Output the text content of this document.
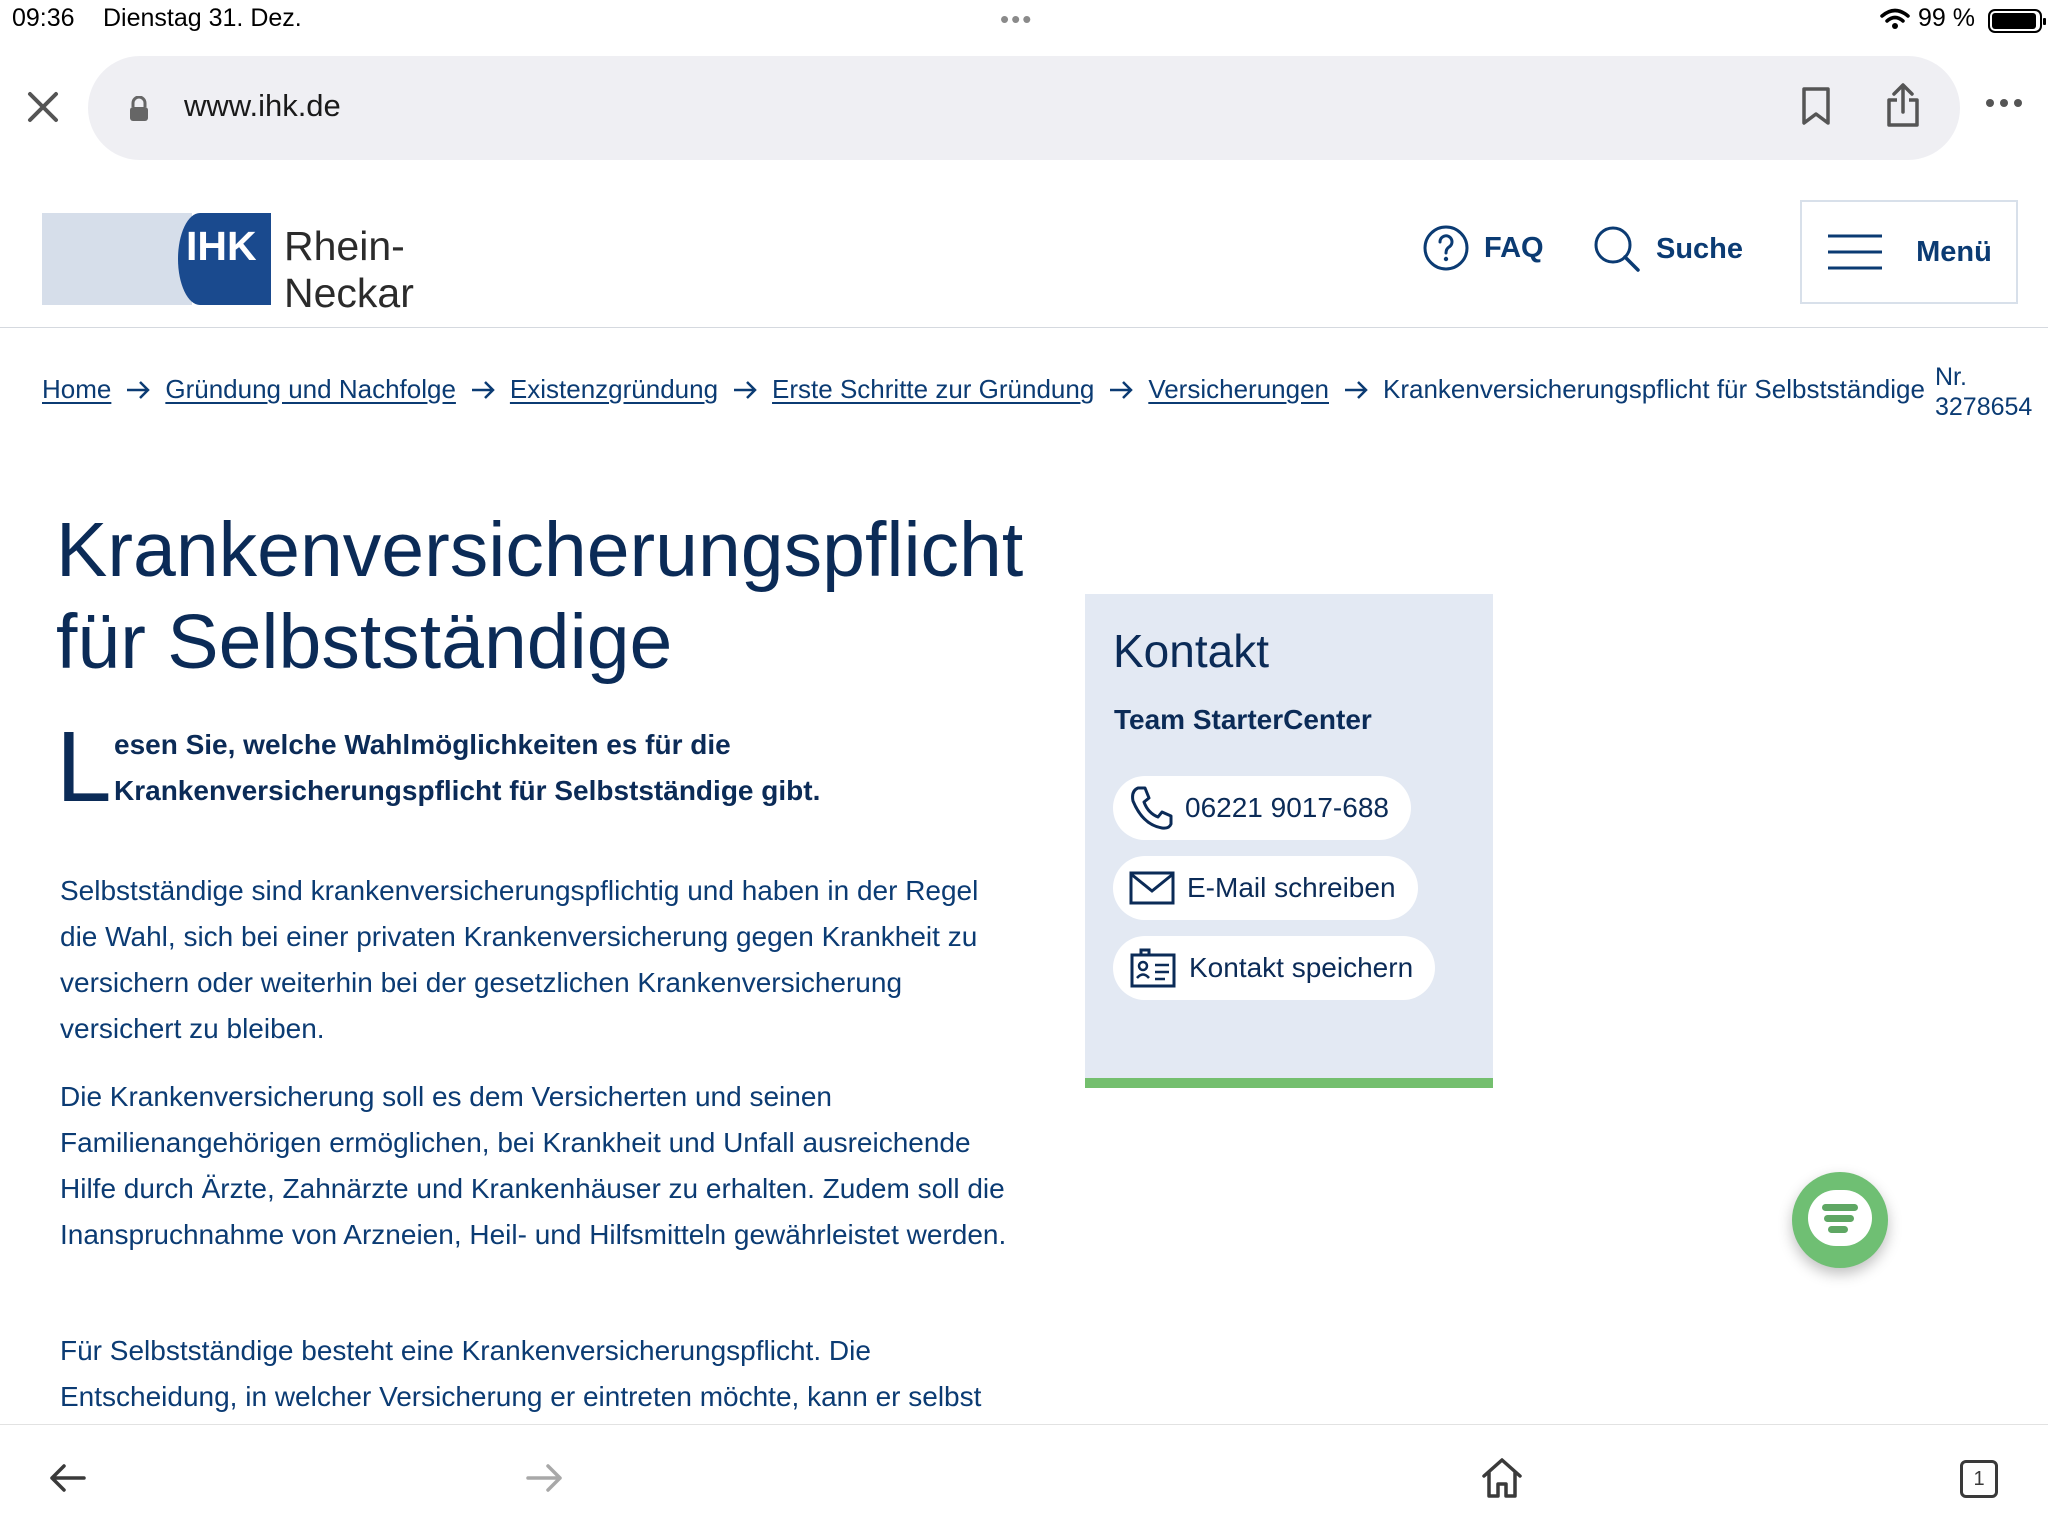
09:36 Dienstag 31. Dez.	•••	99 %
www.ihk.de
IHK Rhein-Neckar
FAQ	Suche	Menü
Home Gründung und Nachfolge Existenzgründung Erste Schritte zur Gründung Versicherungen Krankenversicherungspflicht für Selbstständige Nr.
3278654
Krankenversicherungspflicht
für Selbstständige
L esen Sie, welche Wahlmöglichkeiten es für die Krankenversicherungspflicht für Selbstständige gibt.

Selbstständige sind krankenversicherungspflichtig und haben in der Regel die Wahl, sich bei einer privaten Krankenversicherung gegen Krankheit zu versichern oder weiterhin bei der gesetzlichen Krankenversicherung versichert zu bleiben.

Die Krankenversicherung soll es dem Versicherten und seinen Familienangehörigen ermöglichen, bei Krankheit und Unfall ausreichende Hilfe durch Ärzte, Zahnärzte und Krankenhäuser zu erhalten. Zudem soll die Inanspruchnahme von Arzneien, Heil- und Hilfsmitteln gewährleistet werden.

Für Selbstständige besteht eine Krankenversicherungspflicht. Die Entscheidung, in welcher Versicherung er eintreten möchte, kann er selbst

Kontakt
Team StarterCenter
06221 9017-688
E-Mail schreiben
Kontakt speichern
1
